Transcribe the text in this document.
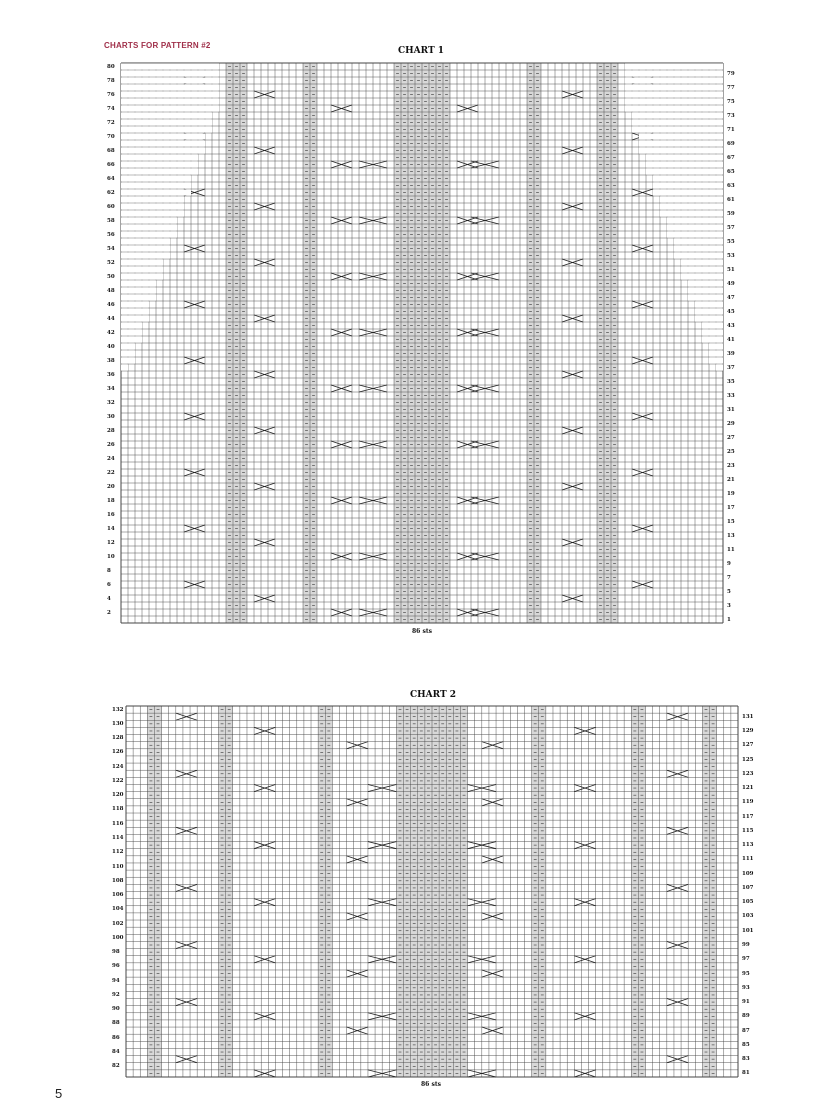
CHARTS FOR PATTERN #2
CHART 1
80
78
76
74
72
70
68
66
64
62
60
58
56
54
52
50
48
46
44
42
40
38
36
34
32
30
28
26
24
22
20
18
16
14
12
10
8
6
4
2
79
77
75
73
71
69
67
65
63
61
59
57
55
53
51
49
47
45
43
41
39
37
35
33
31
29
27
25
23
21
19
17
15
13
11
9
7
5
3
1
86 sts
CHART 2
132
130
128
126
124
122
120
118
116
114
112
110
108
106
104
102
100
98
96
94
92
90
88
86
84
82
131
129
127
125
123
121
119
117
115
113
111
109
107
105
103
101
99
97
95
93
91
89
87
85
83
81
86 sts
5
